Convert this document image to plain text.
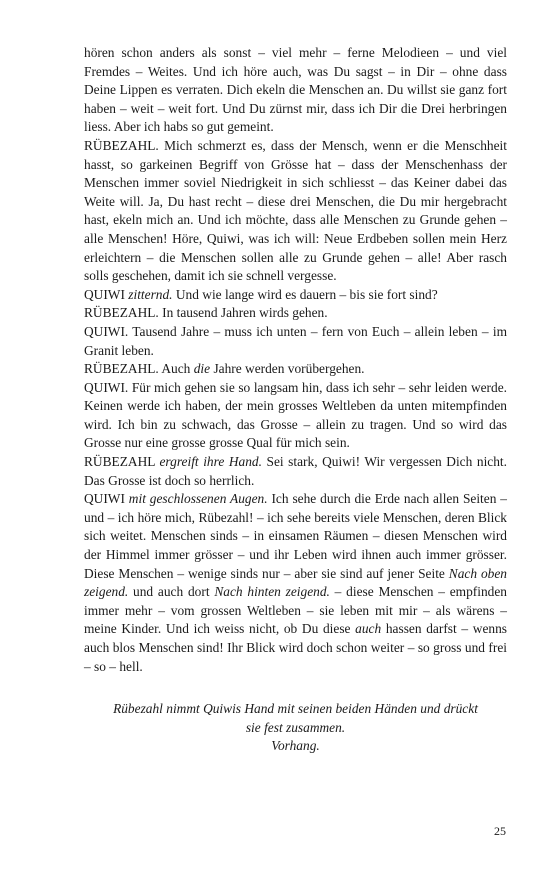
hören schon anders als sonst – viel mehr – ferne Melodieen – und viel Fremdes – Weites. Und ich höre auch, was Du sagst – in Dir – ohne dass Deine Lippen es verraten. Dich ekeln die Menschen an. Du willst sie ganz fort haben – weit – weit fort. Und Du zürnst mir, dass ich Dir die Drei herbringen liess. Aber ich habs so gut gemeint.

RÜBEZAHL. Mich schmerzt es, dass der Mensch, wenn er die Menschheit hasst, so garkeinen Begriff von Grösse hat – dass der Menschenhass der Menschen immer soviel Niedrigkeit in sich schliesst – das Keiner dabei das Weite will. Ja, Du hast recht – diese drei Menschen, die Du mir hergebracht hast, ekeln mich an. Und ich möchte, dass alle Menschen zu Grunde gehen – alle Menschen! Höre, Quiwi, was ich will: Neue Erdbeben sollen mein Herz erleichtern – die Menschen sollen alle zu Grunde gehen – alle! Aber rasch solls geschehen, damit ich sie schnell vergesse.

QUIWI zitternd. Und wie lange wird es dauern – bis sie fort sind?

RÜBEZAHL. In tausend Jahren wirds gehen.

QUIWI. Tausend Jahre – muss ich unten – fern von Euch – allein leben – im Granit leben.

RÜBEZAHL. Auch die Jahre werden vorübergehen.

QUIWI. Für mich gehen sie so langsam hin, dass ich sehr – sehr leiden werde. Keinen werde ich haben, der mein grosses Weltleben da unten mitempfinden wird. Ich bin zu schwach, das Grosse – allein zu tragen. Und so wird das Grosse nur eine grosse grosse Qual für mich sein.

RÜBEZAHL ergreift ihre Hand. Sei stark, Quiwi! Wir vergessen Dich nicht. Das Grosse ist doch so herrlich.

QUIWI mit geschlossenen Augen. Ich sehe durch die Erde nach allen Seiten – und – ich höre mich, Rübezahl! – ich sehe bereits viele Menschen, deren Blick sich weitet. Menschen sinds – in einsamen Räumen – diesen Menschen wird der Himmel immer grösser – und ihr Leben wird ihnen auch immer grösser. Diese Menschen – wenige sinds nur – aber sie sind auf jener Seite Nach oben zeigend. und auch dort Nach hinten zeigend. – diese Menschen – empfinden immer mehr – vom grossen Weltleben – sie leben mit mir – als wärens – meine Kinder. Und ich weiss nicht, ob Du diese auch hassen darfst – wenns auch blos Menschen sind! Ihr Blick wird doch schon weiter – so gross und frei – so – hell.

Rübezahl nimmt Quiwis Hand mit seinen beiden Händen und drückt
sie fest zusammen.
Vorhang.

25
